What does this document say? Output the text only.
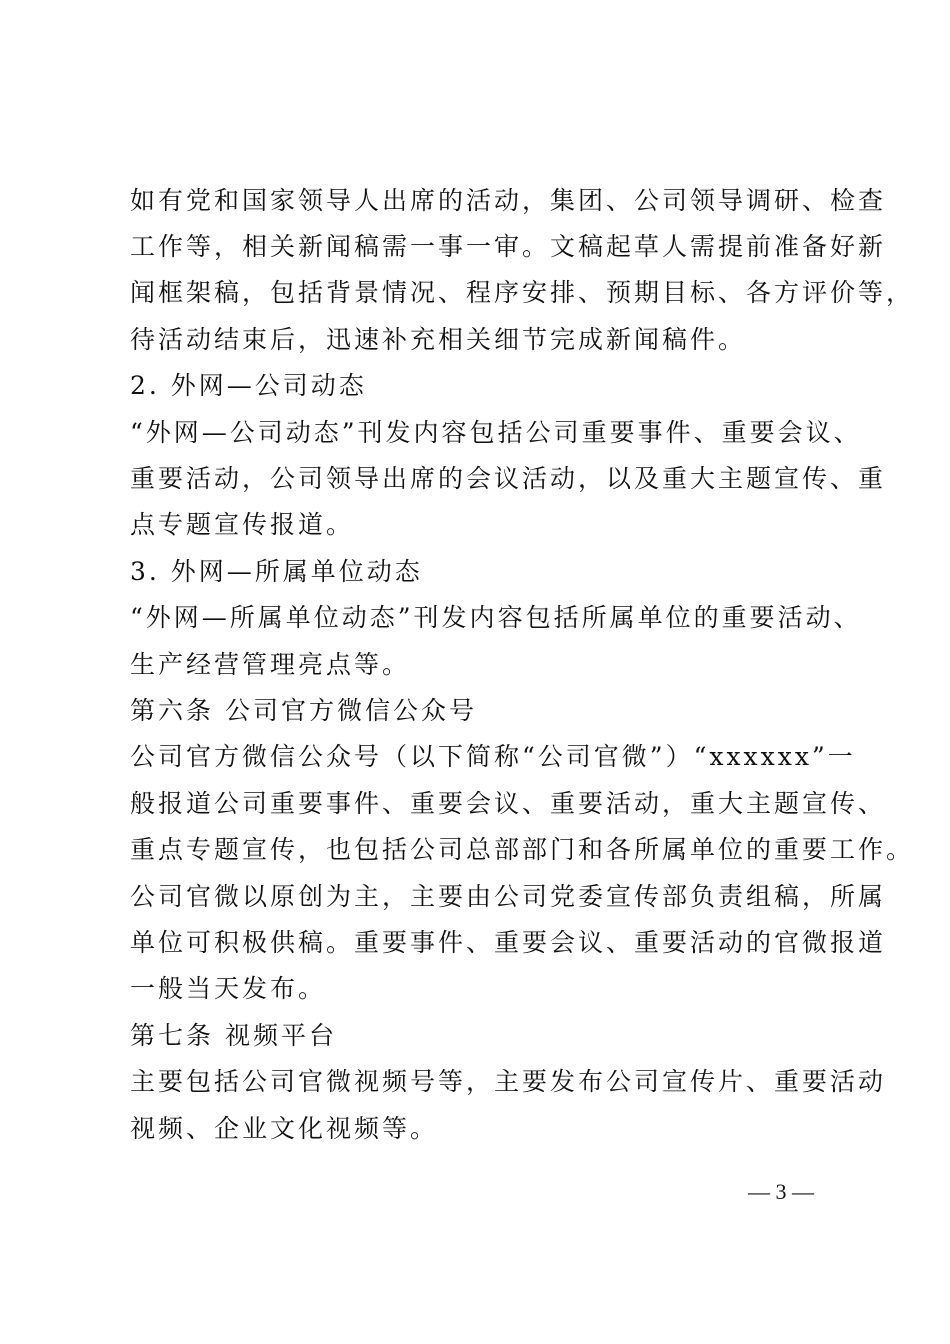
如有党和国家领导人出席的活动，集团、公司领导调研、检查
工作等，相关新闻稿需一事一审。文稿起草人需提前准备好新
闻框架稿，包括背景情况、程序安排、预期目标、各方评价等，
待活动结束后，迅速补充相关细节完成新闻稿件。
2. 外网—公司动态
“外网—公司动态”刊发内容包括公司重要事件、重要会议、
重要活动，公司领导出席的会议活动，以及重大主题宣传、重
点专题宣传报道。
3. 外网—所属单位动态
“外网—所属单位动态”刊发内容包括所属单位的重要活动、
生产经营管理亮点等。
第六条 公司官方微信公众号
公司官方微信公众号（以下简称“公司官微”）“xxxxxx”一
般报道公司重要事件、重要会议、重要活动，重大主题宣传、
重点专题宣传，也包括公司总部部门和各所属单位的重要工作。
公司官微以原创为主，主要由公司党委宣传部负责组稿，所属
单位可积极供稿。重要事件、重要会议、重要活动的官微报道
一般当天发布。
第七条 视频平台
主要包括公司官微视频号等，主要发布公司宣传片、重要活动
视频、企业文化视频等。
— 3 —
